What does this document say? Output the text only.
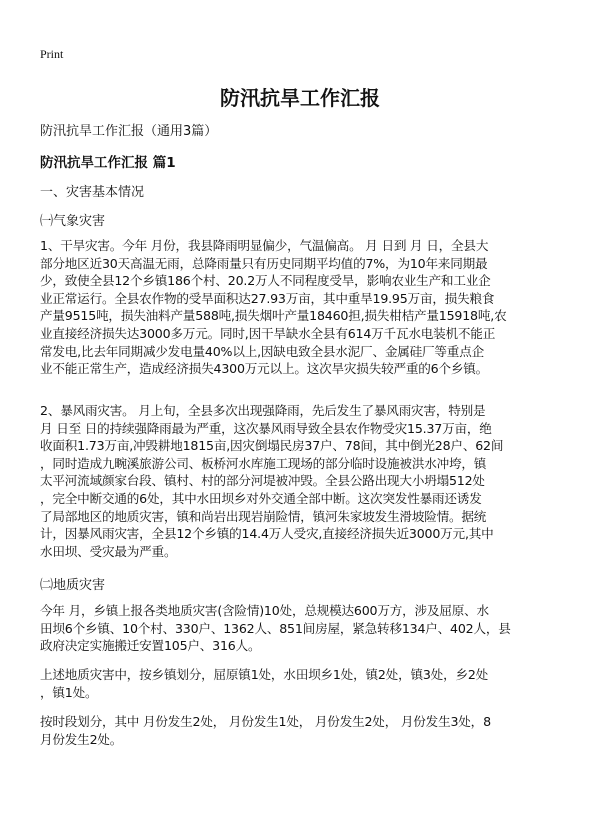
Print
防汛抗旱工作汇报
防汛抗旱工作汇报（通用3篇）
防汛抗旱工作汇报 篇1
一、灾害基本情况
㈠气象灾害
1、干旱灾害。今年 月份，我县降雨明显偏少，气温偏高。 月 日到 月 日，全县大
部分地区近30天高温无雨，总降雨量只有历史同期平均值的7%，为10年来同期最
少，致使全县12个乡镇186个村、20.2万人不同程度受旱，影响农业生产和工业企
业正常运行。全县农作物的受旱面积达27.93万亩，其中重旱19.95万亩，损失粮食
产量9515吨，损失油料产量588吨,损失烟叶产量18460担,损失柑桔产量15918吨,农
业直接经济损失达3000多万元。同时,因干旱缺水全县有614万千瓦水电装机不能正
常发电,比去年同期减少发电量40%以上,因缺电致全县水泥厂、金属硅厂等重点企
业不能正常生产，造成经济损失4300万元以上。这次旱灾损失较严重的6个乡镇。
2、暴风雨灾害。 月上旬，全县多次出现强降雨，先后发生了暴风雨灾害，特别是
月 日至 日的持续强降雨最为严重，这次暴风雨导致全县农作物受灾15.37万亩，绝
收面积1.73万亩,冲毁耕地1815亩,因灾倒塌民房37户、78间，其中倒光28户、62间
，同时造成九畹溪旅游公司、板桥河水库施工现场的部分临时设施被洪水冲垮，镇
太平河流域颜家台段、镇村、村的部分河堤被冲毁。全县公路出现大小坍塌512处
，完全中断交通的6处，其中水田坝乡对外交通全部中断。这次突发性暴雨还诱发
了局部地区的地质灾害，镇和尚岩出现岩崩险情，镇河朱家坡发生滑坡险情。据统
计，因暴风雨灾害，全县12个乡镇的14.4万人受灾,直接经济损失近3000万元,其中
水田坝、受灾最为严重。
㈡地质灾害
今年 月，乡镇上报各类地质灾害(含险情)10处，总规模达600万方，涉及屈原、水
田坝6个乡镇、10个村、330户、1362人、851间房屋，紧急转移134户、402人，县
政府决定实施搬迁安置105户、316人。
上述地质灾害中，按乡镇划分，屈原镇1处，水田坝乡1处，镇2处，镇3处，乡2处
，镇1处。
按时段划分，其中 月份发生2处， 月份发生1处， 月份发生2处， 月份发生3处，8
月份发生2处。
